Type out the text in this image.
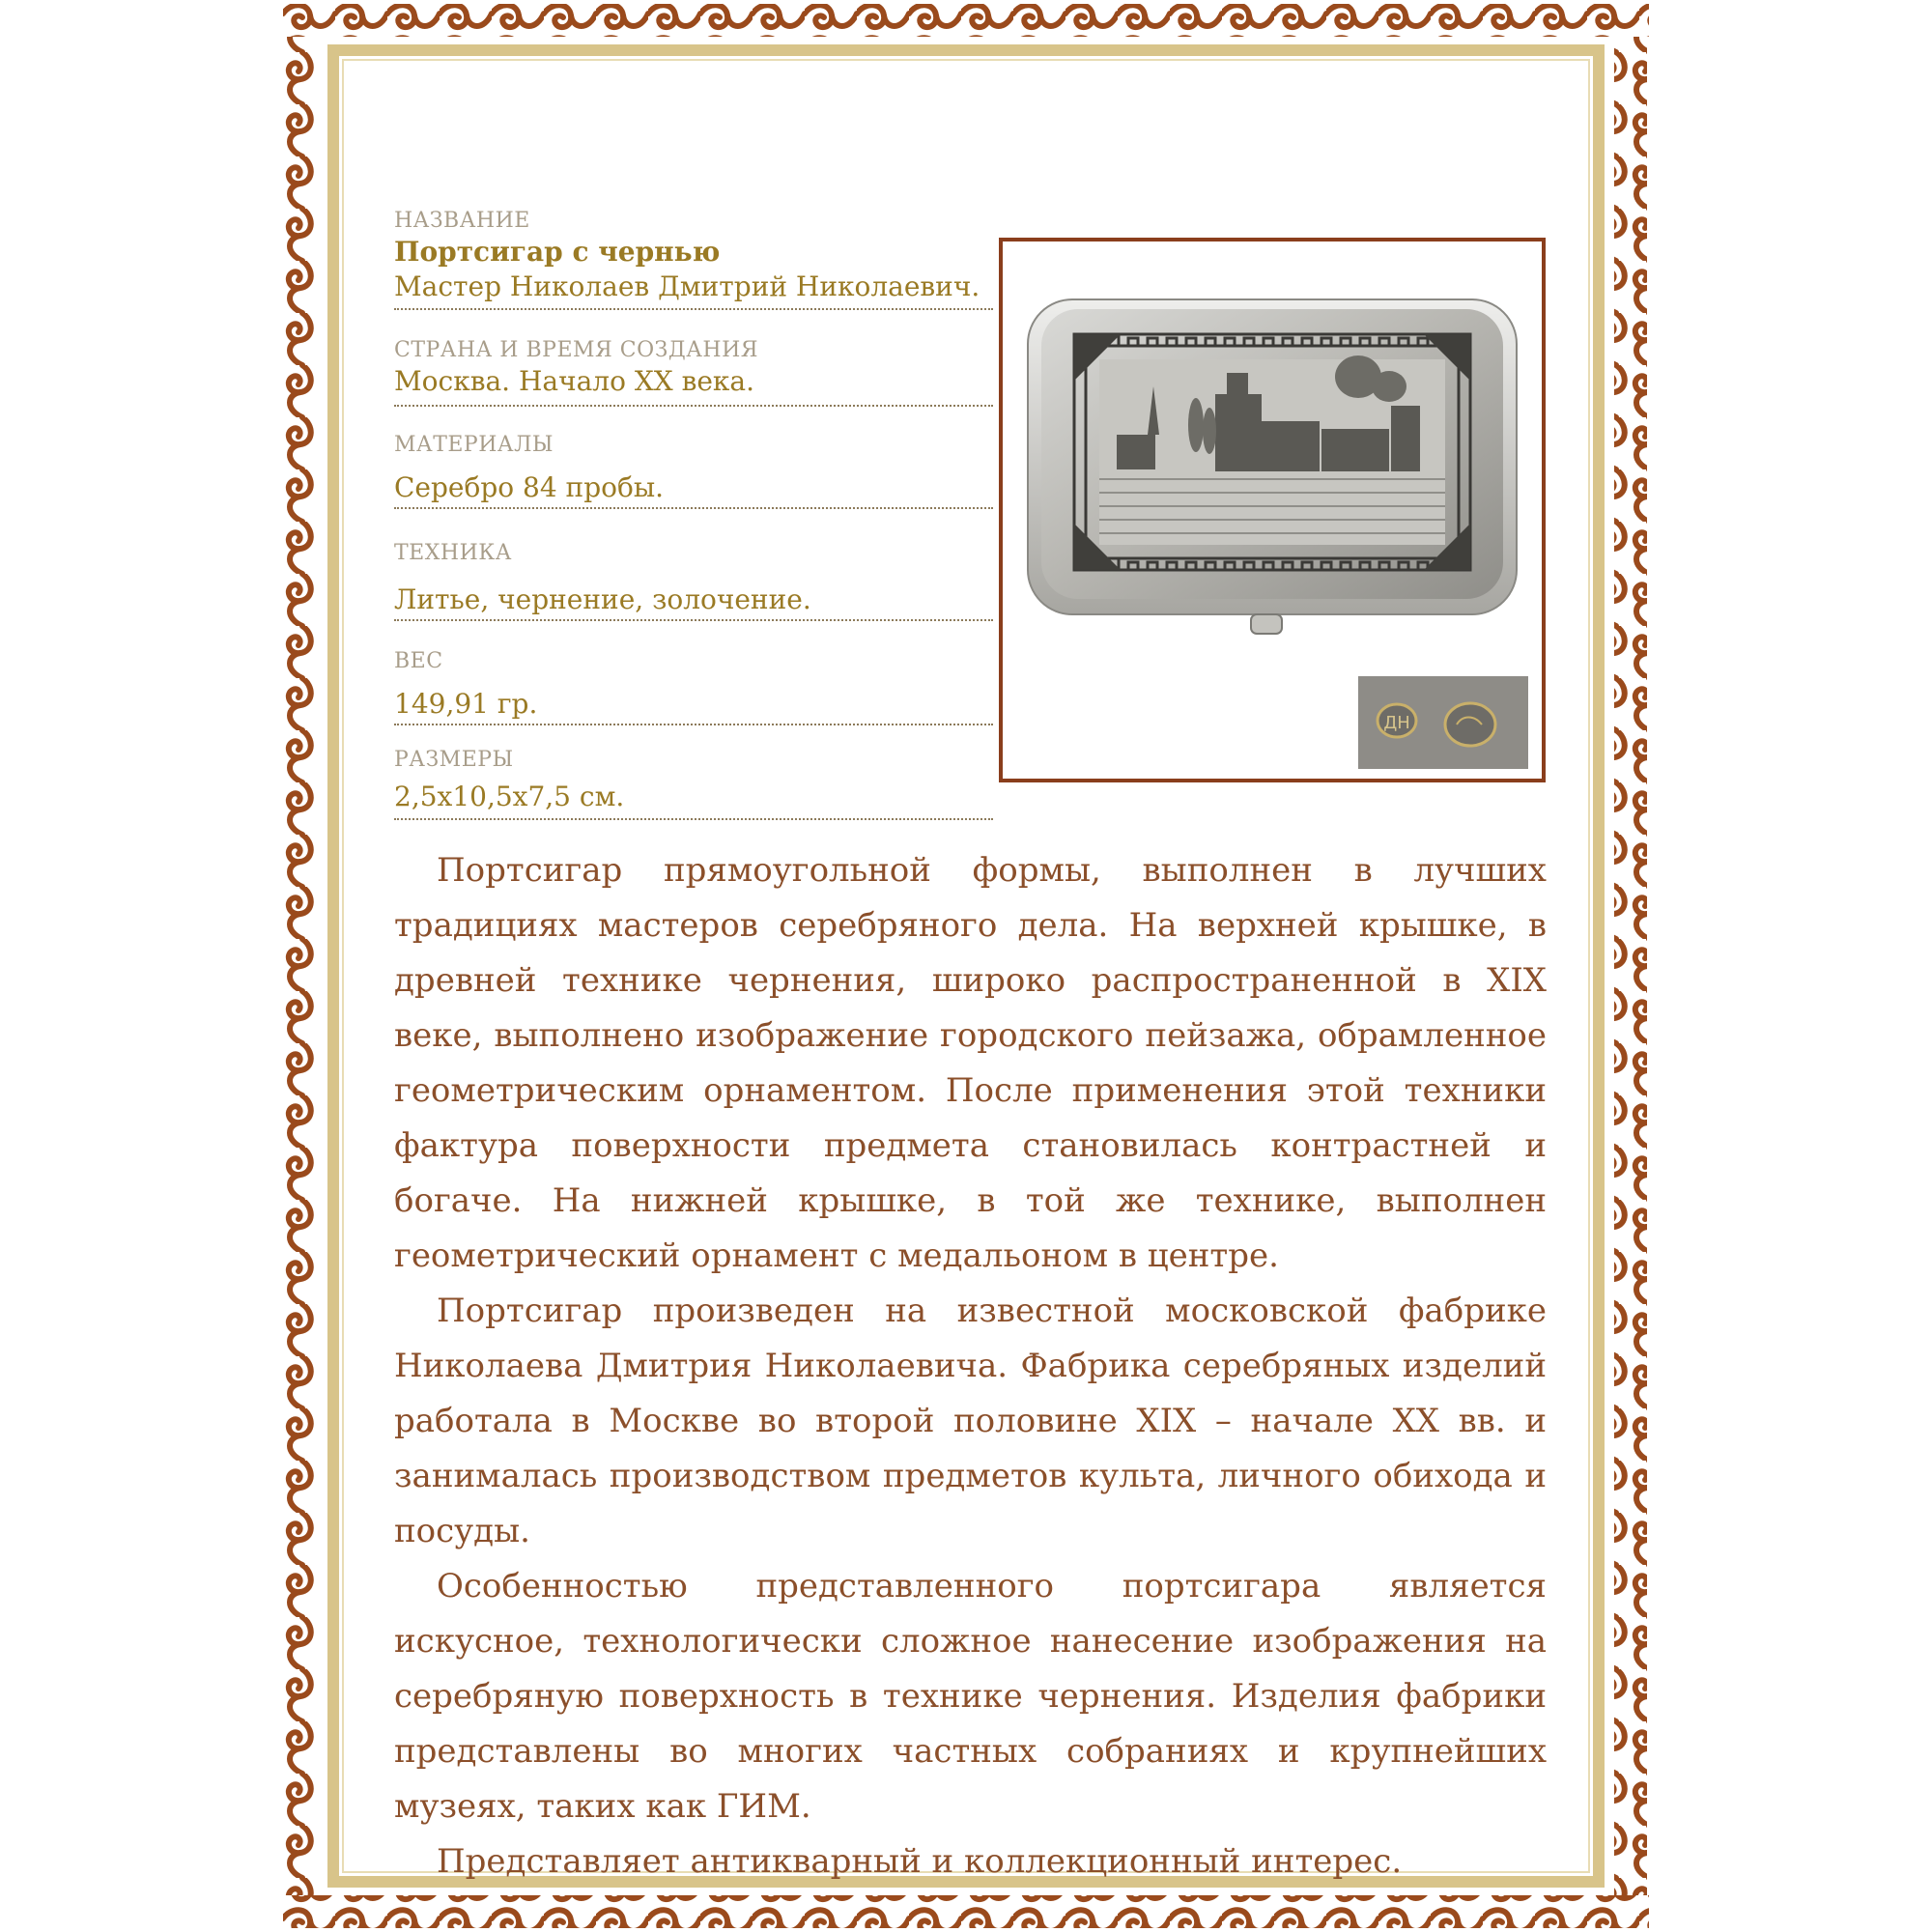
НАЗВАНИЕ
Портсигар с чернью
Мастер Николаев Дмитрий Николаевич.
СТРАНА И ВРЕМЯ СОЗДАНИЯ
Москва. Начало XX века.
МАТЕРИАЛЫ
Серебро 84 пробы.
ТЕХНИКА
Литье, чернение, золочение.
ВЕС
149,91 гр.
РАЗМЕРЫ
2,5х10,5х7,5 см.
ДН

Портсигар прямоугольной формы, выполнен в лучших традициях мастеров серебряного дела. На верхней крышке, в древней технике чернения, широко распространенной в XIX веке, выполнено изображение городского пейзажа, обрамленное геометрическим орнаментом. После применения этой техники фактура поверхности предмета становилась контрастней и богаче. На нижней крышке, в той же технике, выполнен геометрический орнамент с медальоном в центре.

Портсигар произведен на известной московской фабрике Николаева Дмитрия Николаевича. Фабрика серебряных изделий работала в Москве во второй половине XIX – начале XX вв. и занималась производством предметов культа, личного обихода и посуды.

Особенностью представленного портсигара является искусное, технологически сложное нанесение изображения на серебряную поверхность в технике чернения. Изделия фабрики представлены во многих частных собраниях и крупнейших музеях, таких как ГИМ.

Представляет антикварный и коллекционный интерес.
